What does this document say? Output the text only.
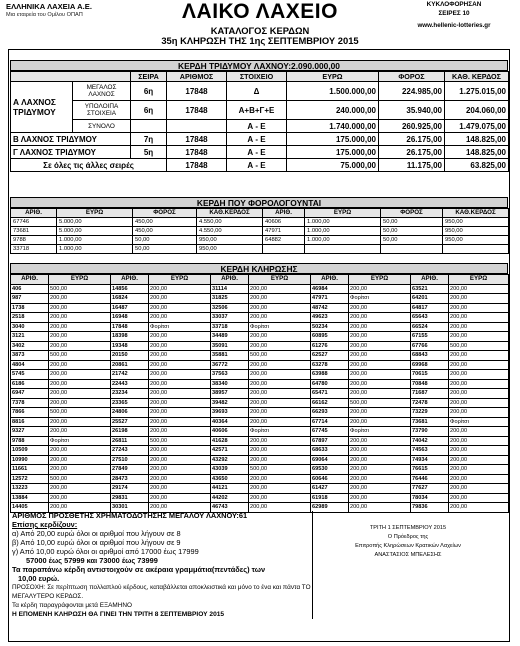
ΕΛΛΗΝΙΚΑ ΛΑΧΕΙΑ Α.Ε.
Μια εταιρεία του Ομίλου ΟΠΑΠ	ΛΑΙΚΟ ΛΑΧΕΙΟ	ΚΥΚΛΟΦΟΡΗΣΑΝ
ΣΕΙΡΕΣ 10
www.hellenic-lotteries.gr
ΚΑΤΑΛΟΓΟΣ ΚΕΡΔΩΝ
35η ΚΛΗΡΩΣΗ ΤΗΣ 1ης ΣΕΠΤΕΜΒΡΙΟΥ 2015
ΚΕΡΔΗ ΤΡΙΔΥΜΟΥ ΛΑΧΝΟΥ:2.090.000,00
		ΣΕΙΡΑ	ΑΡΙΘΜΟΣ	ΣΤΟΙΧΕΙΟ	ΕΥΡΩ	ΦΟΡΟΣ	ΚΑΘ. ΚΕΡΔΟΣ
Α ΛΑΧΝΟΣ ΤΡΙΔΥΜΟΥ	ΜΕΓΑΛΟΣ ΛΑΧΝΟΣ	6η	17848	Δ	1.500.000,00	224.985,00	1.275.015,00
	ΥΠΟΛΟΙΠΑ ΣΤΟΙΧΕΙΑ	6η	17848	Α+Β+Γ+Ε	240.000,00	35.940,00	204.060,00
	ΣΥΝΟΛΟ			Α - Ε	1.740.000,00	260.925,00	1.479.075,00
Β ΛΑΧΝΟΣ ΤΡΙΔΥΜΟΥ		7η	17848	Α - Ε	175.000,00	26.175,00	148.825,00
Γ ΛΑΧΝΟΣ ΤΡΙΔΥΜΟΥ		5η	17848	Α - Ε	175.000,00	26.175,00	148.825,00
Σε όλες τις άλλες σειρές			17848	Α - Ε	75.000,00	11.175,00	63.825,00
ΚΕΡΔΗ ΠΟΥ ΦΟΡΟΛΟΓΟΥΝΤΑΙ
ΑΡΙΘ.	ΕΥΡΩ	ΦΟΡΟΣ	ΚΑΘ.ΚΕΡΔΟΣ	ΑΡΙΘ.	ΕΥΡΩ	ΦΟΡΟΣ	ΚΑΘ.ΚΕΡΔΟΣ
67746	5.000,00	450,00	4.550,00	40606	1.000,00	50,00	950,00
73681	5.000,00	450,00	4.550,00	47971	1.000,00	50,00	950,00
9788	1.000,00	50,00	950,00	64882	1.000,00	50,00	950,00
33718	1.000,00	50,00	950,00				
ΚΕΡΔΗ ΚΛΗΡΩΣΗΣ
ΑΡΙΘ.	ΕΥΡΩ	ΑΡΙΘ.	ΕΥΡΩ	ΑΡΙΘ.	ΕΥΡΩ	ΑΡΙΘ.	ΕΥΡΩ	ΑΡΙΘ.	ΕΥΡΩ
406	500,00	14856	200,00	31114	200,00	46984	200,00	63521	200,00
987	200,00	16824	200,00	31825	200,00	47971	Φορίτσι	64201	200,00
1738	200,00	16487	200,00	32506	200,00	48742	200,00	64817	200,00
2518	200,00	16948	200,00	33037	200,00	49623	200,00	65643	200,00
3040	200,00	17848	Φορίτσι	33718	Φορίτσι	50234	200,00	66524	200,00
3121	200,00	18398	200,00	34489	200,00	60895	200,00	67155	200,00
3402	200,00	19348	200,00	35091	200,00	61276	200,00	67766	500,00
3873	500,00	20150	200,00	35881	500,00	62527	200,00	68843	200,00
4804	200,00	20861	200,00	36772	200,00	63278	200,00	69968	200,00
5745	200,00	21742	200,00	37563	200,00	63988	200,00	70615	200,00
6186	200,00	22443	200,00	38340	200,00	64780	200,00	70848	200,00
6947	200,00	23234	200,00	38957	200,00	65471	200,00	71687	200,00
7378	200,00	23365	200,00	39482	200,00	66162	500,00	72478	200,00
7866	500,00	24806	200,00	39693	200,00	66293	200,00	73229	200,00
8816	200,00	25527	200,00	40364	200,00	67714	200,00	73681	Φορίτσι
9327	200,00	26198	200,00	40606	Φορίτσι	67745	Φορίτσι	73790	200,00
9788	Φορίτσι	26811	500,00	41628	200,00	67897	200,00	74042	200,00
10509	200,00	27243	200,00	42571	200,00	68633	200,00	74563	200,00
10990	200,00	27510	200,00	43292	200,00	69064	200,00	74934	200,00
11661	200,00	27849	200,00	43039	500,00	69530	200,00	76615	200,00
12572	500,00	28473	200,00	43650	200,00	60646	200,00	76446	200,00
13223	200,00	29174	200,00	44121	200,00	61427	200,00	77627	200,00
13884	200,00	29831	200,00	44202	200,00	61918	200,00	78034	200,00
14405	200,00	30301	200,00	46743	200,00	62989	200,00	79836	200,00
ΑΡΙΘΜΟΣ ΠΡΟΣΘΕΤΗΣ ΧΡΗΜΑΤΟΔΟΤΗΣΗΣ ΜΕΓΑΛΟΥ ΛΑΧΝΟΥ:61
Επίσης κερδίζουν:
α) Από 20,00 ευρώ όλοι οι αριθμοί που λήγουν σε 8
β) Από 10,00 ευρώ όλοι οι αριθμοί που λήγουν σε 9
γ) Από 10,00 ευρώ όλοι οι αριθμοί από 17000 έως 17999
57000 έως 57999 και 73000 έως 73999
Τα παραπάνω κέρδη αντιστοιχούν σε ακέραια γραμμάτια(πεντάδες) των
10,00 ευρώ.
ΠΡΟΣΟΧΗ: Σε περίπτωση πολλαπλού κέρδους, καταβάλλεται αποκλειστικά και μόνο το ένα και πάντα ΤΟ
ΜΕΓΑΛΥΤΕΡΟ ΚΕΡΔΟΣ.
Τα κέρδη παραγράφονται μετά ΕΞΑΜΗΝΟ
Η ΕΠΟΜΕΝΗ ΚΛΗΡΩΣΗ ΘΑ ΓΙΝΕΙ ΤΗΝ ΤΡΙΤΗ 8 ΣΕΠΤΕΜΒΡΙΟΥ 2015
ΤΡΙΤΗ 1 ΣΕΠΤΕΜΒΡΙΟΥ 2015
Ο Πρόεδρος της
Επιτροπής Κληρώσεων Κρατικών Λαχείων
ΑΝΑΣΤΑΣΙΟΣ ΜΠΕΛΕΣΗΣ
